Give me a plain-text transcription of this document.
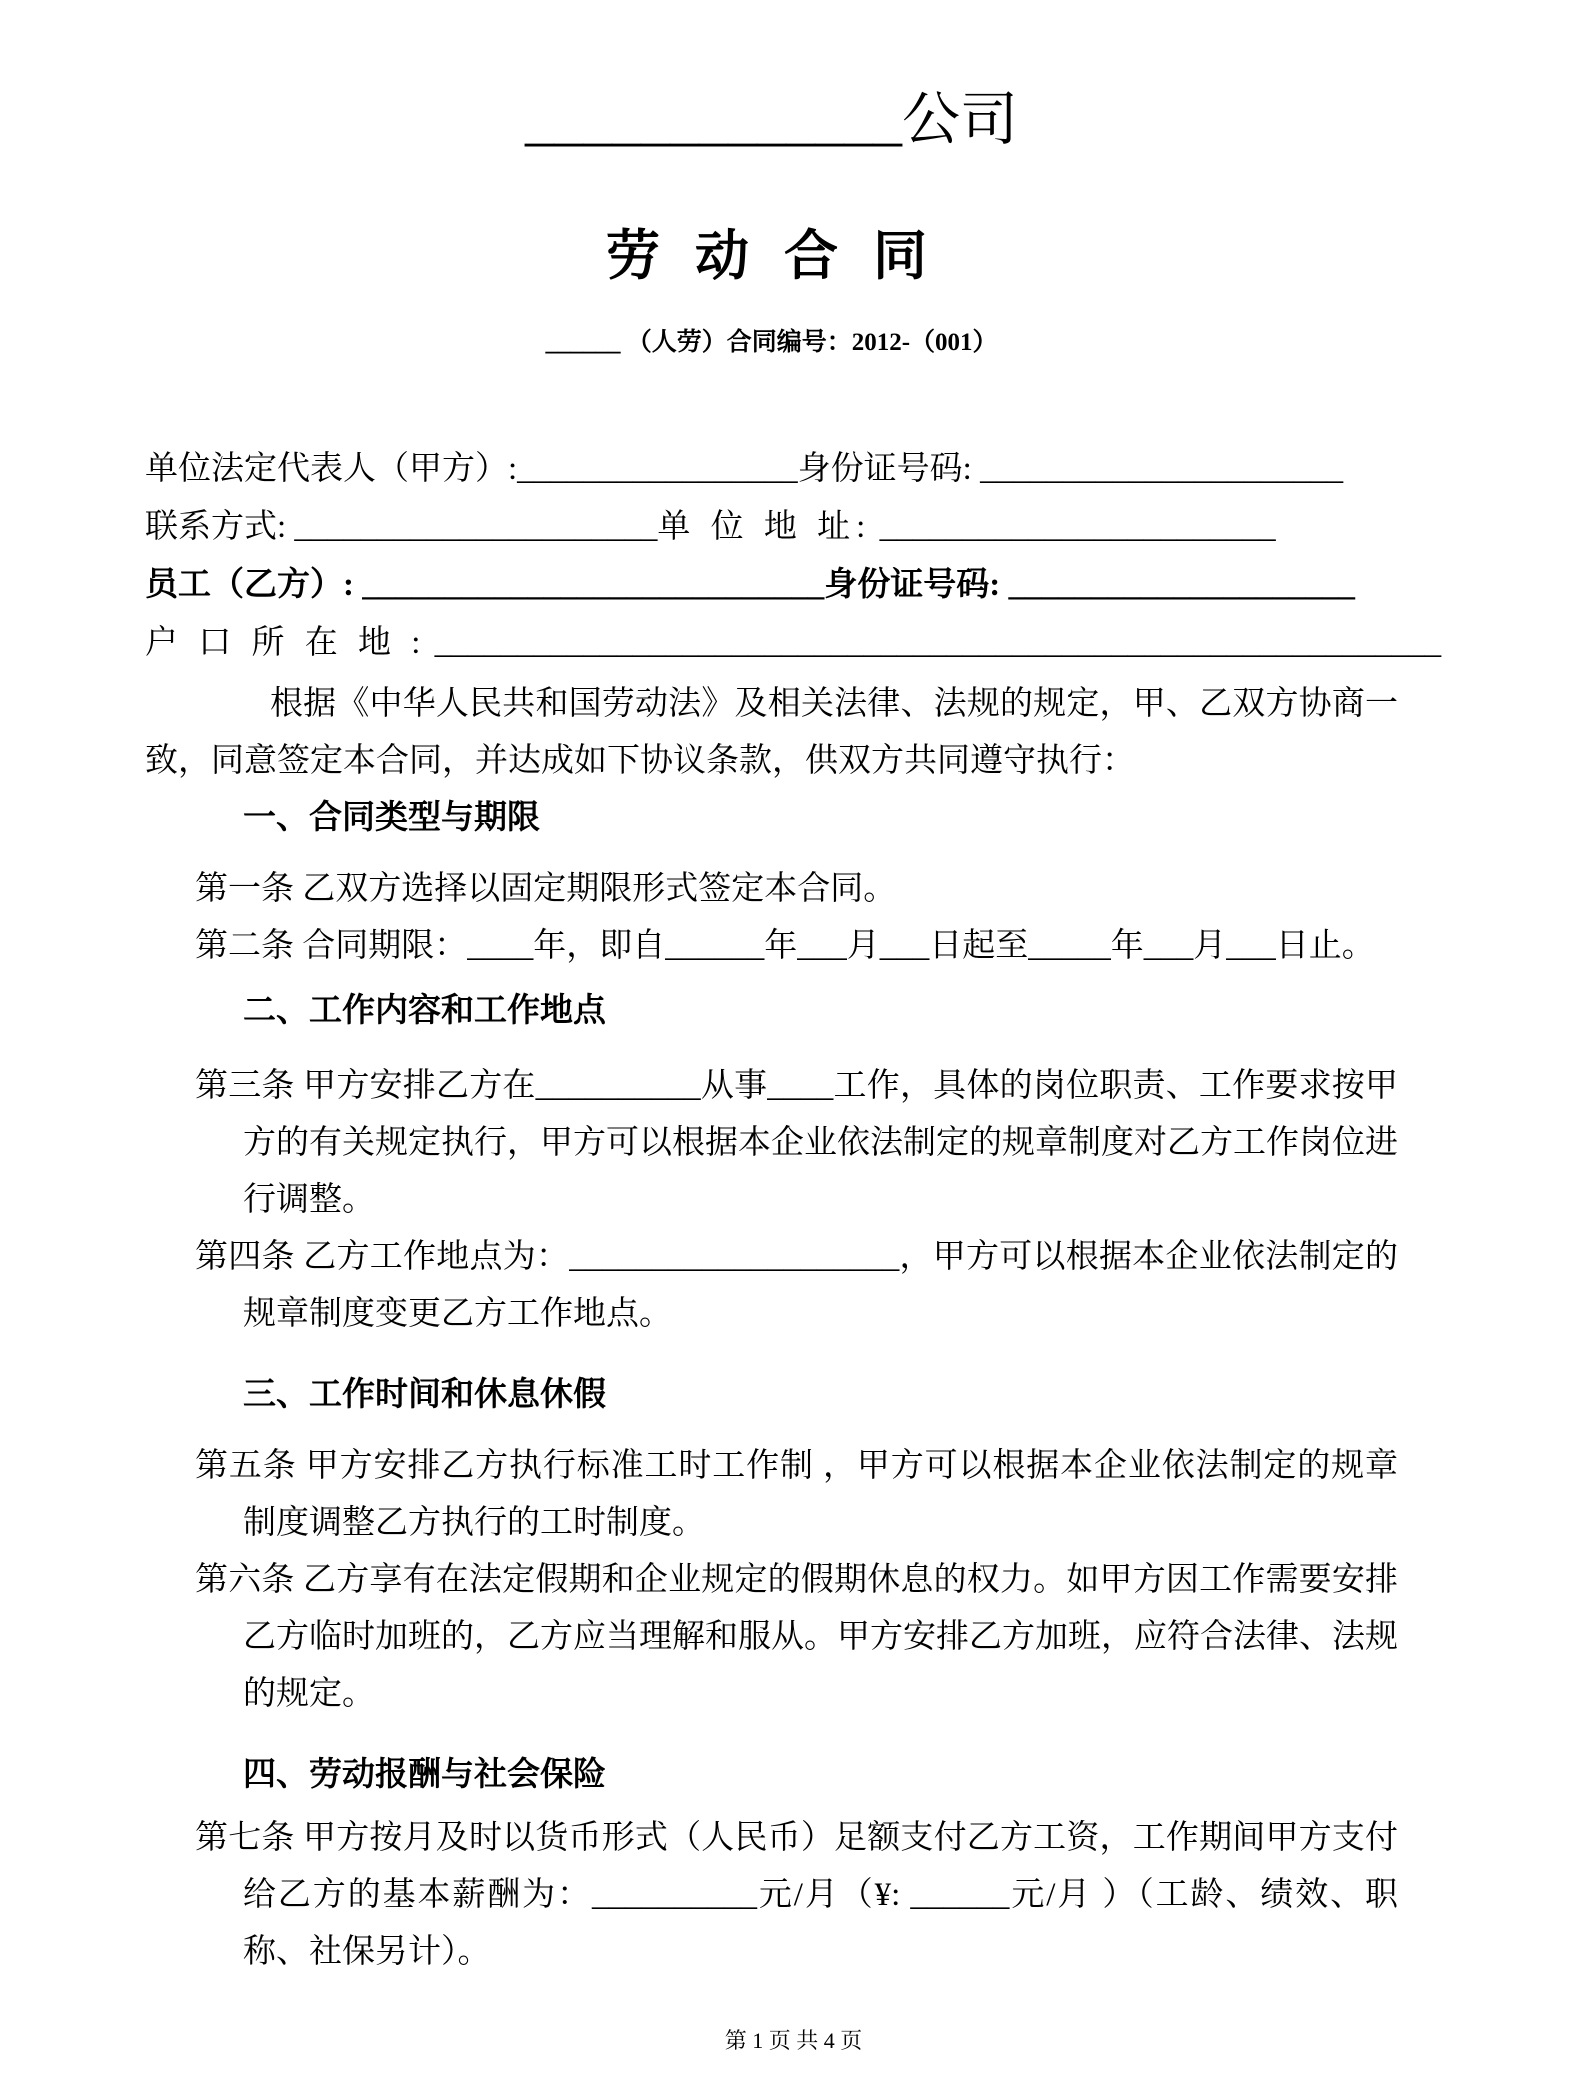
_____________公司
劳 动 合 同
______ （人劳）合同编号：2012-（001）
单位法定代表人（甲方）:_________________身份证号码: ______________________
联系方式: ______________________单 位 地 址: ________________________
员工（乙方）: ____________________________身份证号码: _____________________
户 口 所 在 地 : _____________________________________________________________

根据《中华人民共和国劳动法》及相关法律、法规的规定，甲、乙双方协商一致，同意签定本合同，并达成如下协议条款，供双方共同遵守执行：

一、合同类型与期限
第一条 乙双方选择以固定期限形式签定本合同。
第二条 合同期限：____年，即自______年___月___日起至_____年___月___日止。
二、工作内容和工作地点
第三条 甲方安排乙方在__________从事____工作，具体的岗位职责、工作要求按甲方的有关规定执行，甲方可以根据本企业依法制定的规章制度对乙方工作岗位进行调整。
第四条 乙方工作地点为：____________________，甲方可以根据本企业依法制定的规章制度变更乙方工作地点。
三、工作时间和休息休假
第五条 甲方安排乙方执行标准工时工作制 ，甲方可以根据本企业依法制定的规章制度调整乙方执行的工时制度。
第六条 乙方享有在法定假期和企业规定的假期休息的权力。如甲方因工作需要安排乙方临时加班的，乙方应当理解和服从。甲方安排乙方加班，应符合法律、法规的规定。
四、劳动报酬与社会保险
第七条 甲方按月及时以货币形式（人民币）足额支付乙方工资，工作期间甲方支付给乙方的基本薪酬为：__________元/月（¥: ______元/月 ）（工龄、绩效、职称、社保另计）。
第 1 页 共 4 页
